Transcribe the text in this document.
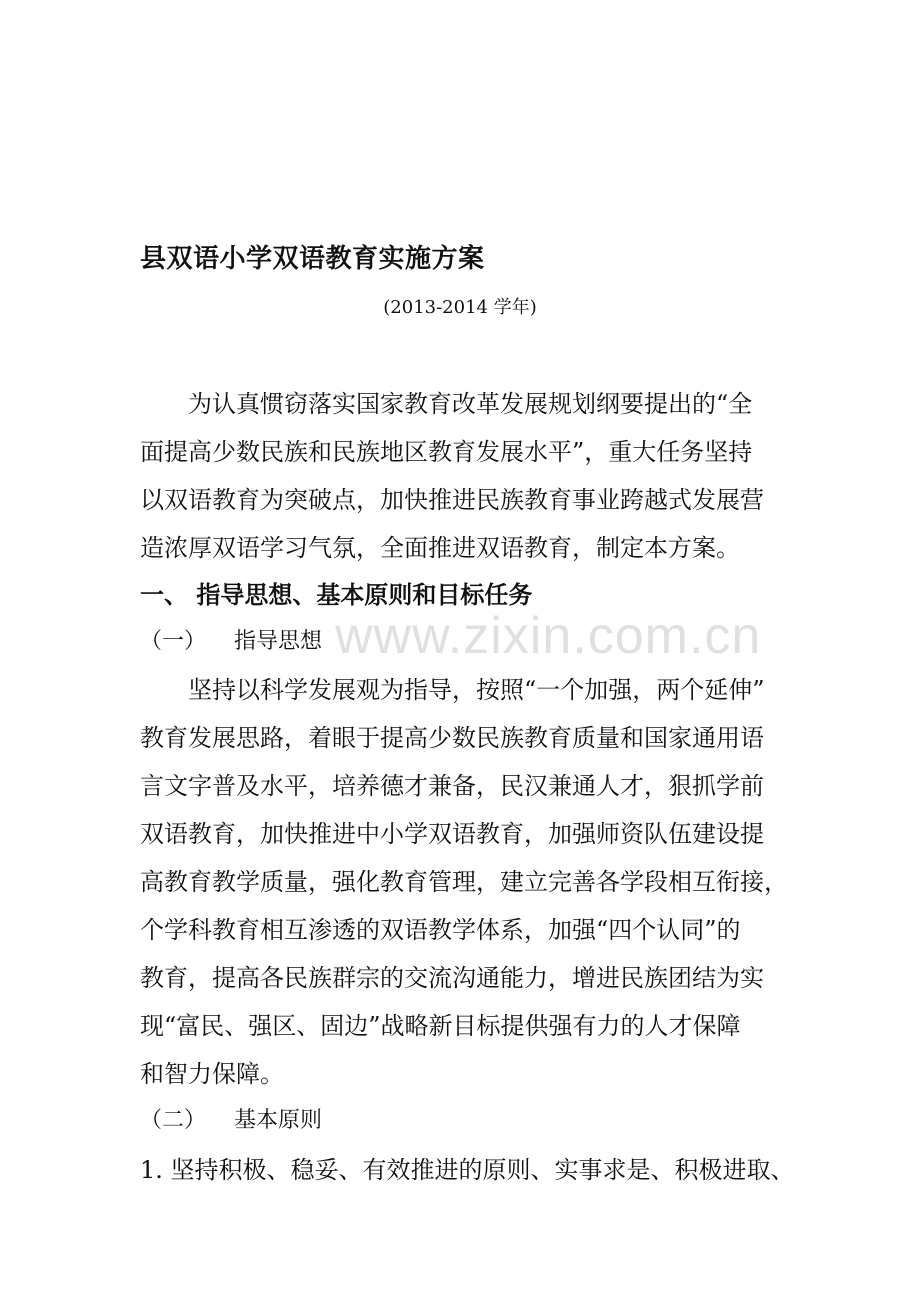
县双语小学双语教育实施方案
(2013-2014 学年)
为认真惯窃落实国家教育改革发展规划纲要提出的“全
面提高少数民族和民族地区教育发展水平”，重大任务坚持
以双语教育为突破点，加快推进民族教育事业跨越式发展营
造浓厚双语学习气氛，全面推进双语教育，制定本方案。
一、 指导思想、基本原则和目标任务
（一） 指导思想
坚持以科学发展观为指导，按照“一个加强，两个延伸”
教育发展思路，着眼于提高少数民族教育质量和国家通用语
言文字普及水平，培养德才兼备，民汉兼通人才，狠抓学前
双语教育，加快推进中小学双语教育，加强师资队伍建设提
高教育教学质量，强化教育管理，建立完善各学段相互衔接，
个学科教育相互渗透的双语教学体系，加强“四个认同”的
教育，提高各民族群宗的交流沟通能力，增进民族团结为实
现“富民、强区、固边”战略新目标提供强有力的人才保障
和智力保障。
（二） 基本原则
1. 坚持积极、稳妥、有效推进的原则、实事求是、积极进取、
www.zixin.com.cn
